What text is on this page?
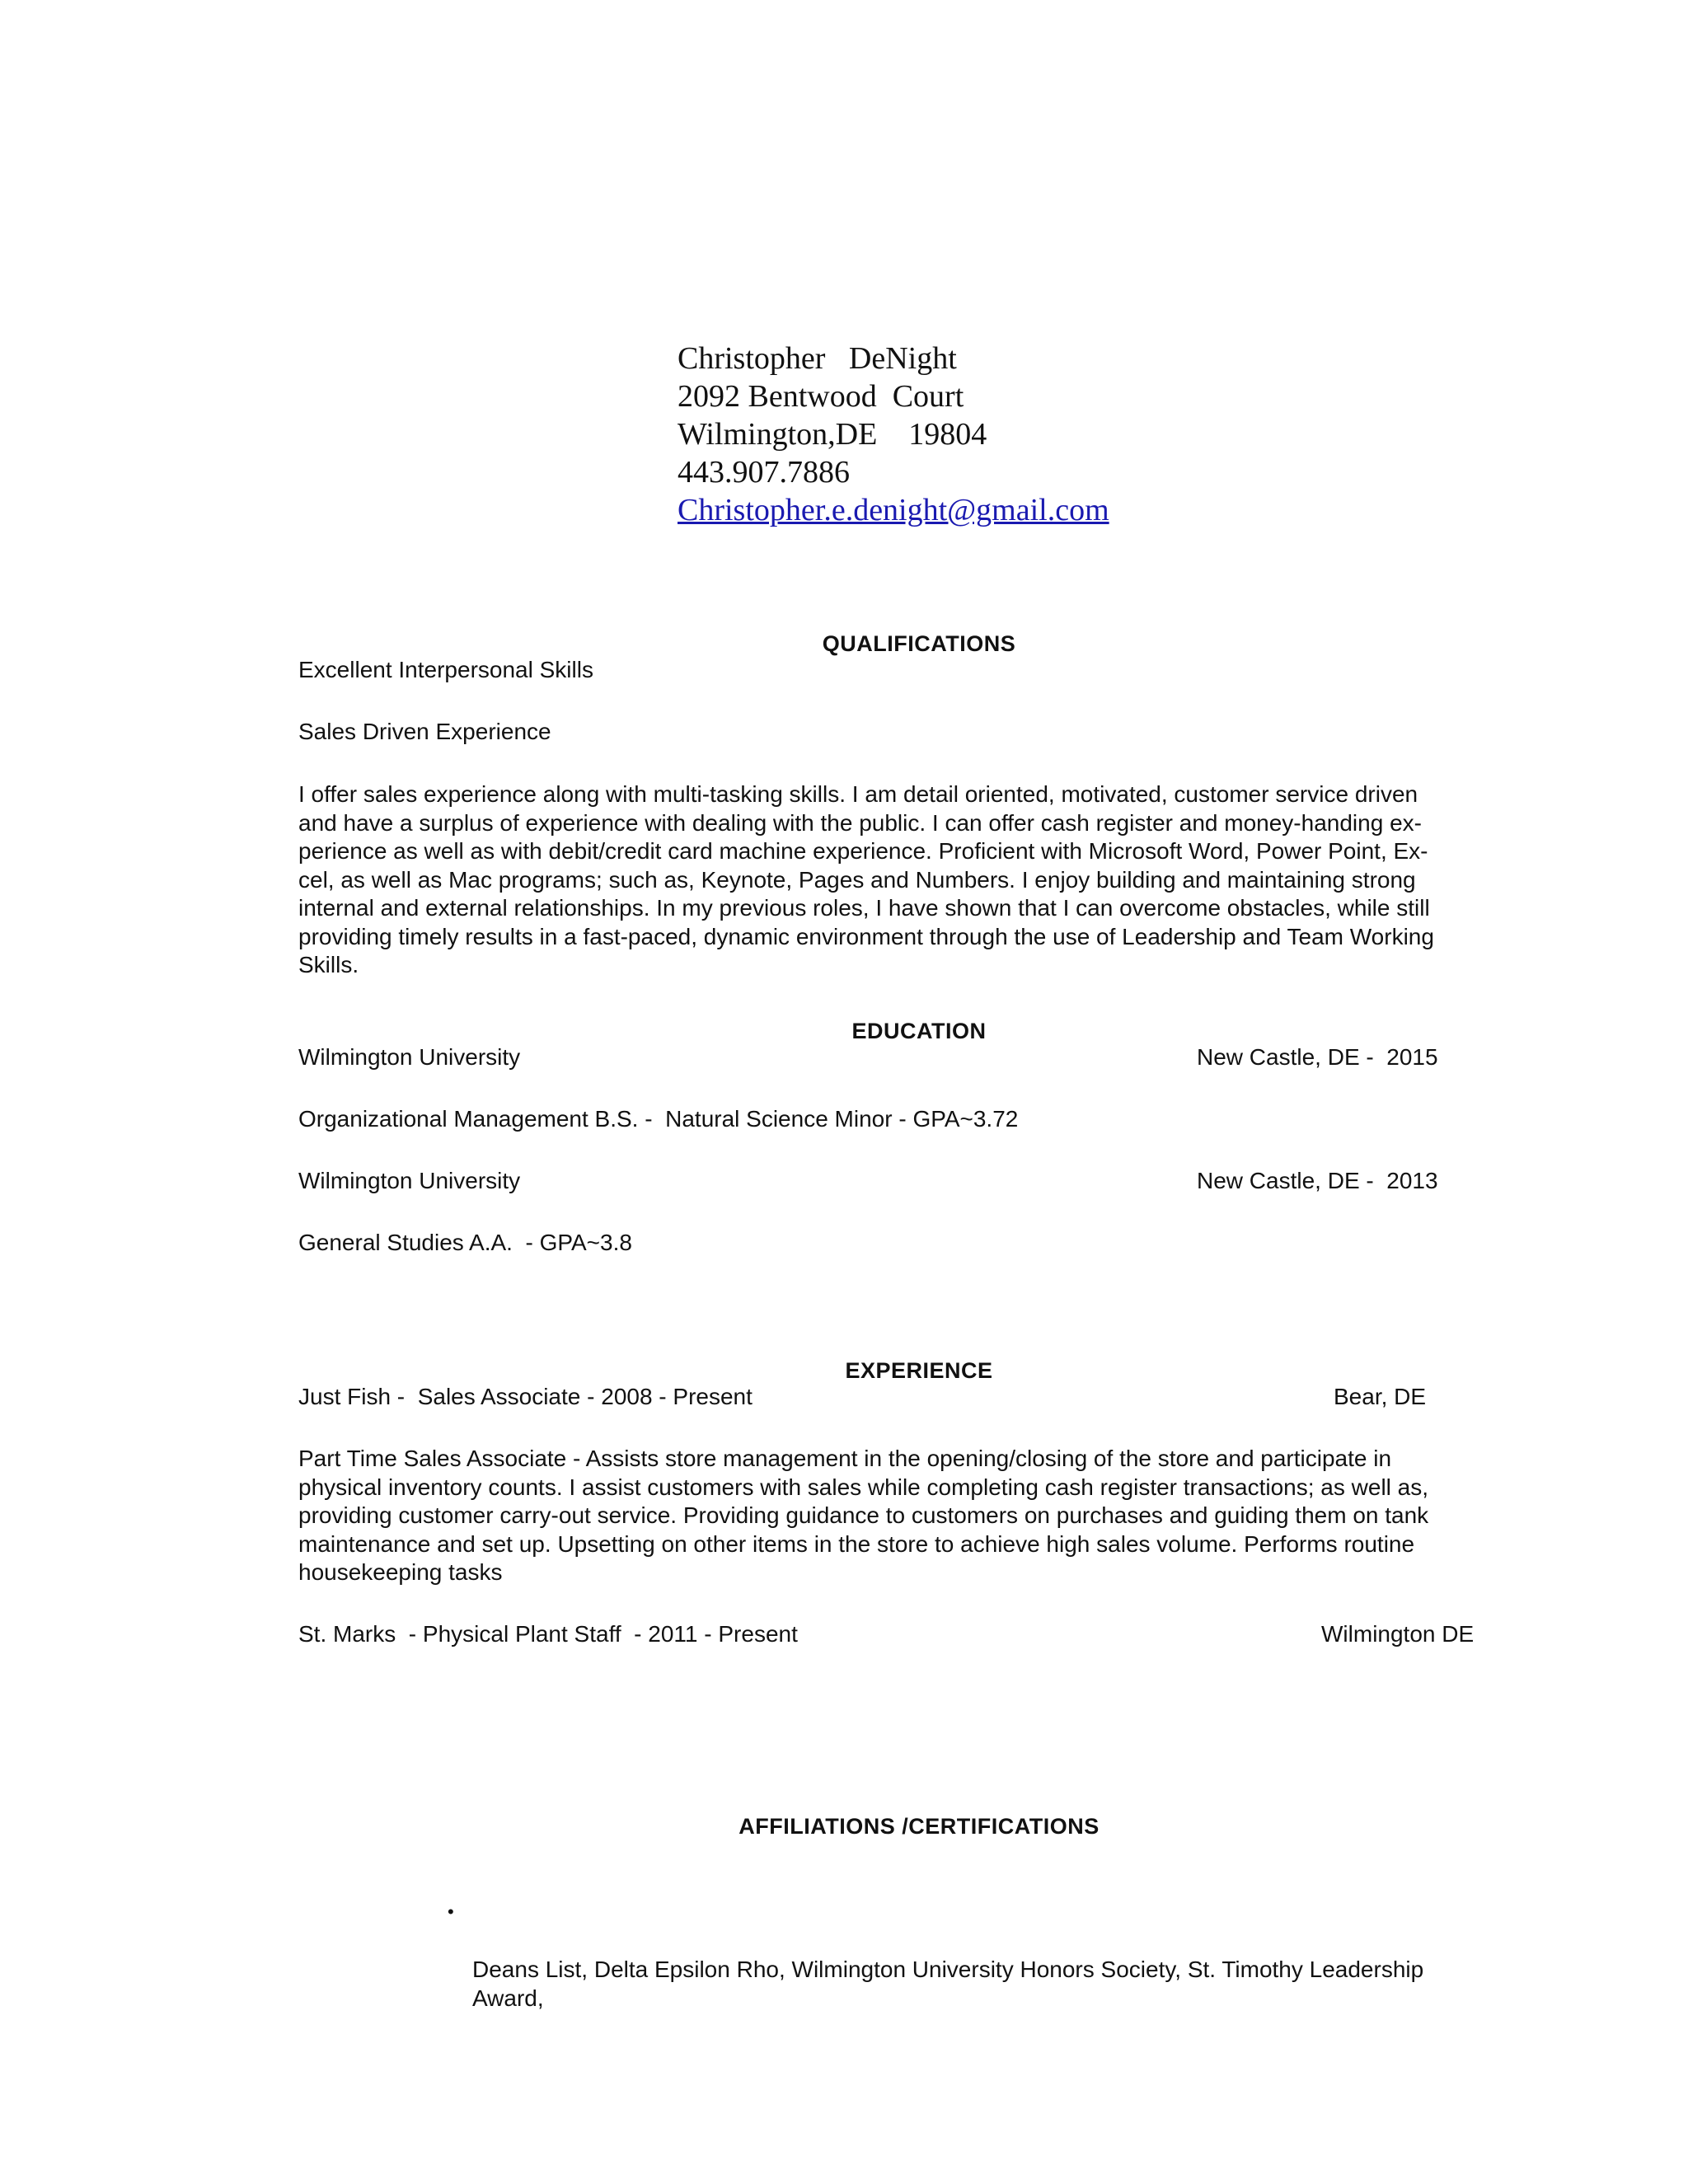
Christopher   DeNight
2092 Bentwood  Court
Wilmington,DE    19804
443.907.7886
Christopher.e.denight@gmail.com
QUALIFICATIONS
Excellent Interpersonal Skills
Sales Driven Experience
I offer sales experience along with multi-tasking skills. I am detail oriented, motivated, customer service driven
and have a surplus of experience with dealing with the public. I can offer cash register and money-handing ex-
perience as well as with debit/credit card machine experience. Proficient with Microsoft Word, Power Point, Ex-
cel, as well as Mac programs; such as, Keynote, Pages and Numbers. I enjoy building and maintaining strong
internal and external relationships. In my previous roles, I have shown that I can overcome obstacles, while still
providing timely results in a fast-paced, dynamic environment through the use of Leadership and Team Working
Skills.
EDUCATION
Wilmington University	New Castle, DE -  2015
Organizational Management B.S. -  Natural Science Minor - GPA~3.72
Wilmington University	New Castle, DE -  2013
General Studies A.A.  - GPA~3.8
EXPERIENCE
Just Fish -  Sales Associate - 2008 - Present	Bear, DE
Part Time Sales Associate - Assists store management in the opening/closing of the store and participate in
physical inventory counts. I assist customers with sales while completing cash register transactions; as well as,
providing customer carry-out service. Providing guidance to customers on purchases and guiding them on tank
maintenance and set up. Upsetting on other items in the store to achieve high sales volume. Performs routine
housekeeping tasks
St. Marks  - Physical Plant Staff  - 2011 - Present	Wilmington DE
AFFILIATIONS /CERTIFICATIONS

•

Deans List, Delta Epsilon Rho, Wilmington University Honors Society, St. Timothy Leadership
Award,
